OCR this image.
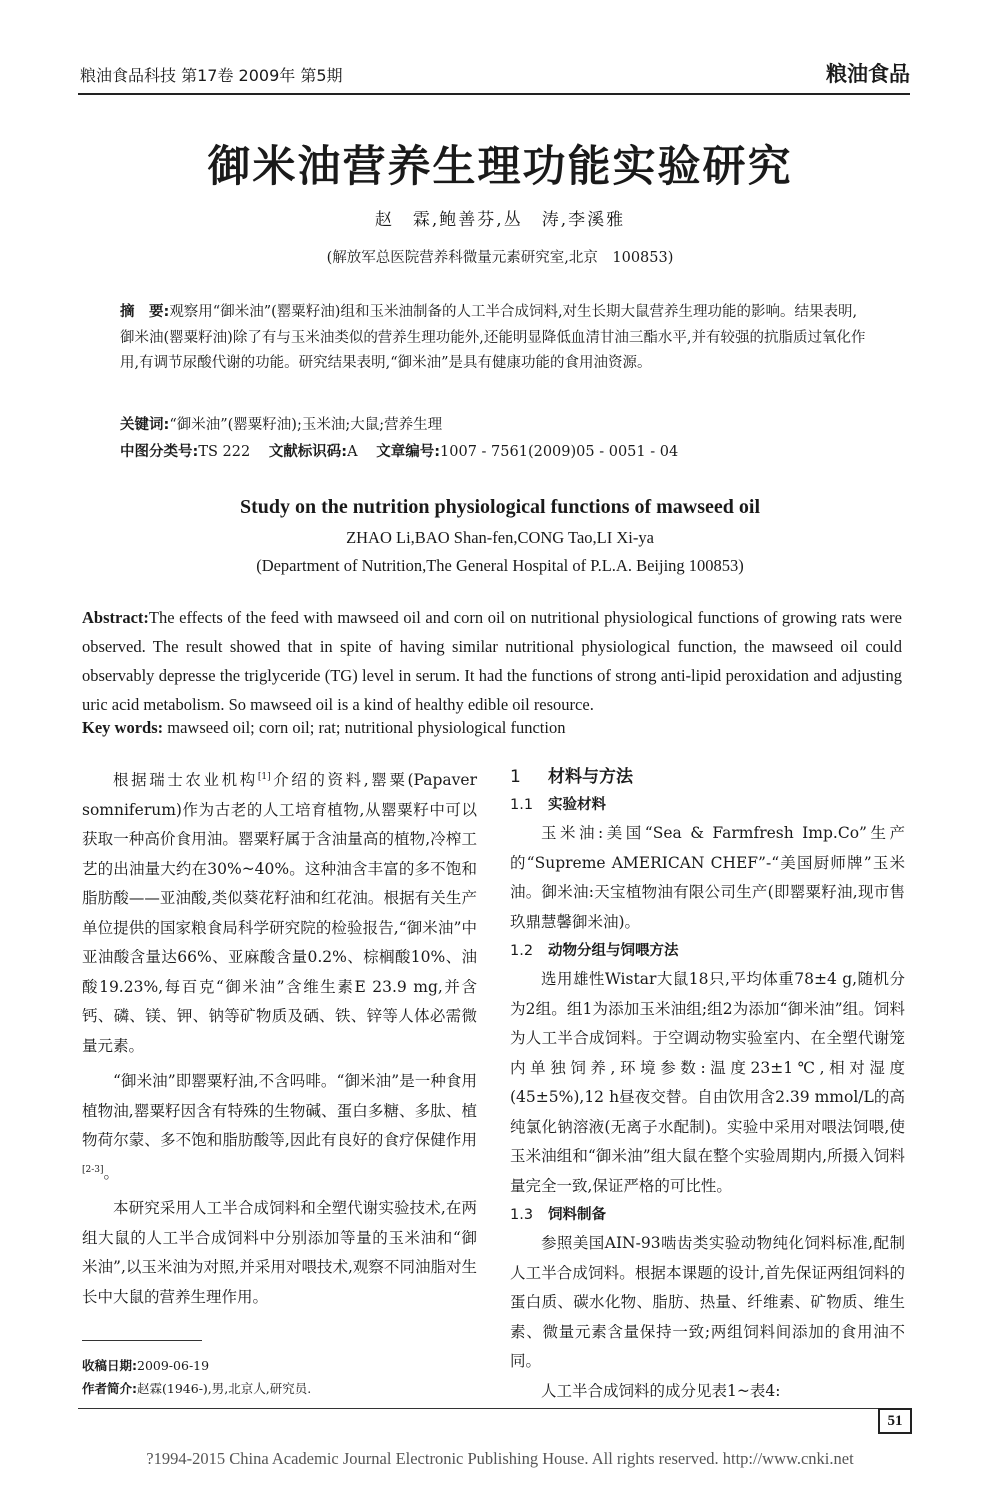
粮油食品科技 第17卷 2009年 第5期	粮油食品
御米油营养生理功能实验研究
赵　霖,鲍善芬,丛　涛,李溪雅
(解放军总医院营养科微量元素研究室,北京　100853)
摘　要:观察用“御米油”(罂粟籽油)组和玉米油制备的人工半合成饲料,对生长期大鼠营养生理功能的影响。结果表明,御米油(罂粟籽油)除了有与玉米油类似的营养生理功能外,还能明显降低血清甘油三酯水平,并有较强的抗脂质过氧化作用,有调节尿酸代谢的功能。研究结果表明,“御米油”是具有健康功能的食用油资源。
关键词:“御米油”(罂粟籽油);玉米油;大鼠;营养生理
中图分类号:TS 222 文献标识码:A 文章编号:1007 - 7561(2009)05 - 0051 - 04
Study on the nutrition physiological functions of mawseed oil
ZHAO Li,BAO Shan-fen,CONG Tao,LI Xi-ya
(Department of Nutrition,The General Hospital of P.L.A. Beijing 100853)
Abstract:The effects of the feed with mawseed oil and corn oil on nutritional physiological functions of growing rats were observed. The result showed that in spite of having similar nutritional physiological function, the mawseed oil could observably depresse the triglyceride (TG) level in serum. It had the functions of strong anti-lipid peroxidation and adjusting uric acid metabolism. So mawseed oil is a kind of healthy edible oil resource.
Key words: mawseed oil; corn oil; rat; nutritional physiological function

根据瑞士农业机构[1]介绍的资料,罂粟(Papaver somniferum)作为古老的人工培育植物,从罂粟籽中可以获取一种高价食用油。罂粟籽属于含油量高的植物,冷榨工艺的出油量大约在30%~40%。这种油含丰富的多不饱和脂肪酸——亚油酸,类似葵花籽油和红花油。根据有关生产单位提供的国家粮食局科学研究院的检验报告,“御米油”中亚油酸含量达66%、亚麻酸含量0.2%、棕榈酸10%、油酸19.23%,每百克“御米油”含维生素E 23.9 mg,并含钙、磷、镁、钾、钠等矿物质及硒、铁、锌等人体必需微量元素。

“御米油”即罂粟籽油,不含吗啡。“御米油”是一种食用植物油,罂粟籽因含有特殊的生物碱、蛋白多糖、多肽、植物荷尔蒙、多不饱和脂肪酸等,因此有良好的食疗保健作用[2-3]。

本研究采用人工半合成饲料和全塑代谢实验技术,在两组大鼠的人工半合成饲料中分别添加等量的玉米油和“御米油”,以玉米油为对照,并采用对喂技术,观察不同油脂对生长中大鼠的营养生理作用。

1 材料与方法
1.1 实验材料

玉米油:美国“Sea & Farmfresh Imp.Co”生产的“Supreme AMERICAN CHEF”-“美国厨师牌”玉米油。御米油:天宝植物油有限公司生产(即罂粟籽油,现市售玖鼎慧馨御米油)。

1.2 动物分组与饲喂方法

选用雄性Wistar大鼠18只,平均体重78±4 g,随机分为2组。组1为添加玉米油组;组2为添加“御米油”组。饲料为人工半合成饲料。于空调动物实验室内、在全塑代谢笼内单独饲养,环境参数:温度23±1℃,相对湿度(45±5%),12 h昼夜交替。自由饮用含2.39 mmol/L的高纯氯化钠溶液(无离子水配制)。实验中采用对喂法饲喂,使玉米油组和“御米油”组大鼠在整个实验周期内,所摄入饲料量完全一致,保证严格的可比性。

1.3 饲料制备

参照美国AIN-93啮齿类实验动物纯化饲料标准,配制人工半合成饲料。根据本课题的设计,首先保证两组饲料的蛋白质、碳水化物、脂肪、热量、纤维素、矿物质、维生素、微量元素含量保持一致;两组饲料间添加的食用油不同。

人工半合成饲料的成分见表1~表4:

收稿日期:2009-06-19
作者简介:赵霖(1946-),男,北京人,研究员.
51
?1994-2015 China Academic Journal Electronic Publishing House. All rights reserved. http://www.cnki.net
